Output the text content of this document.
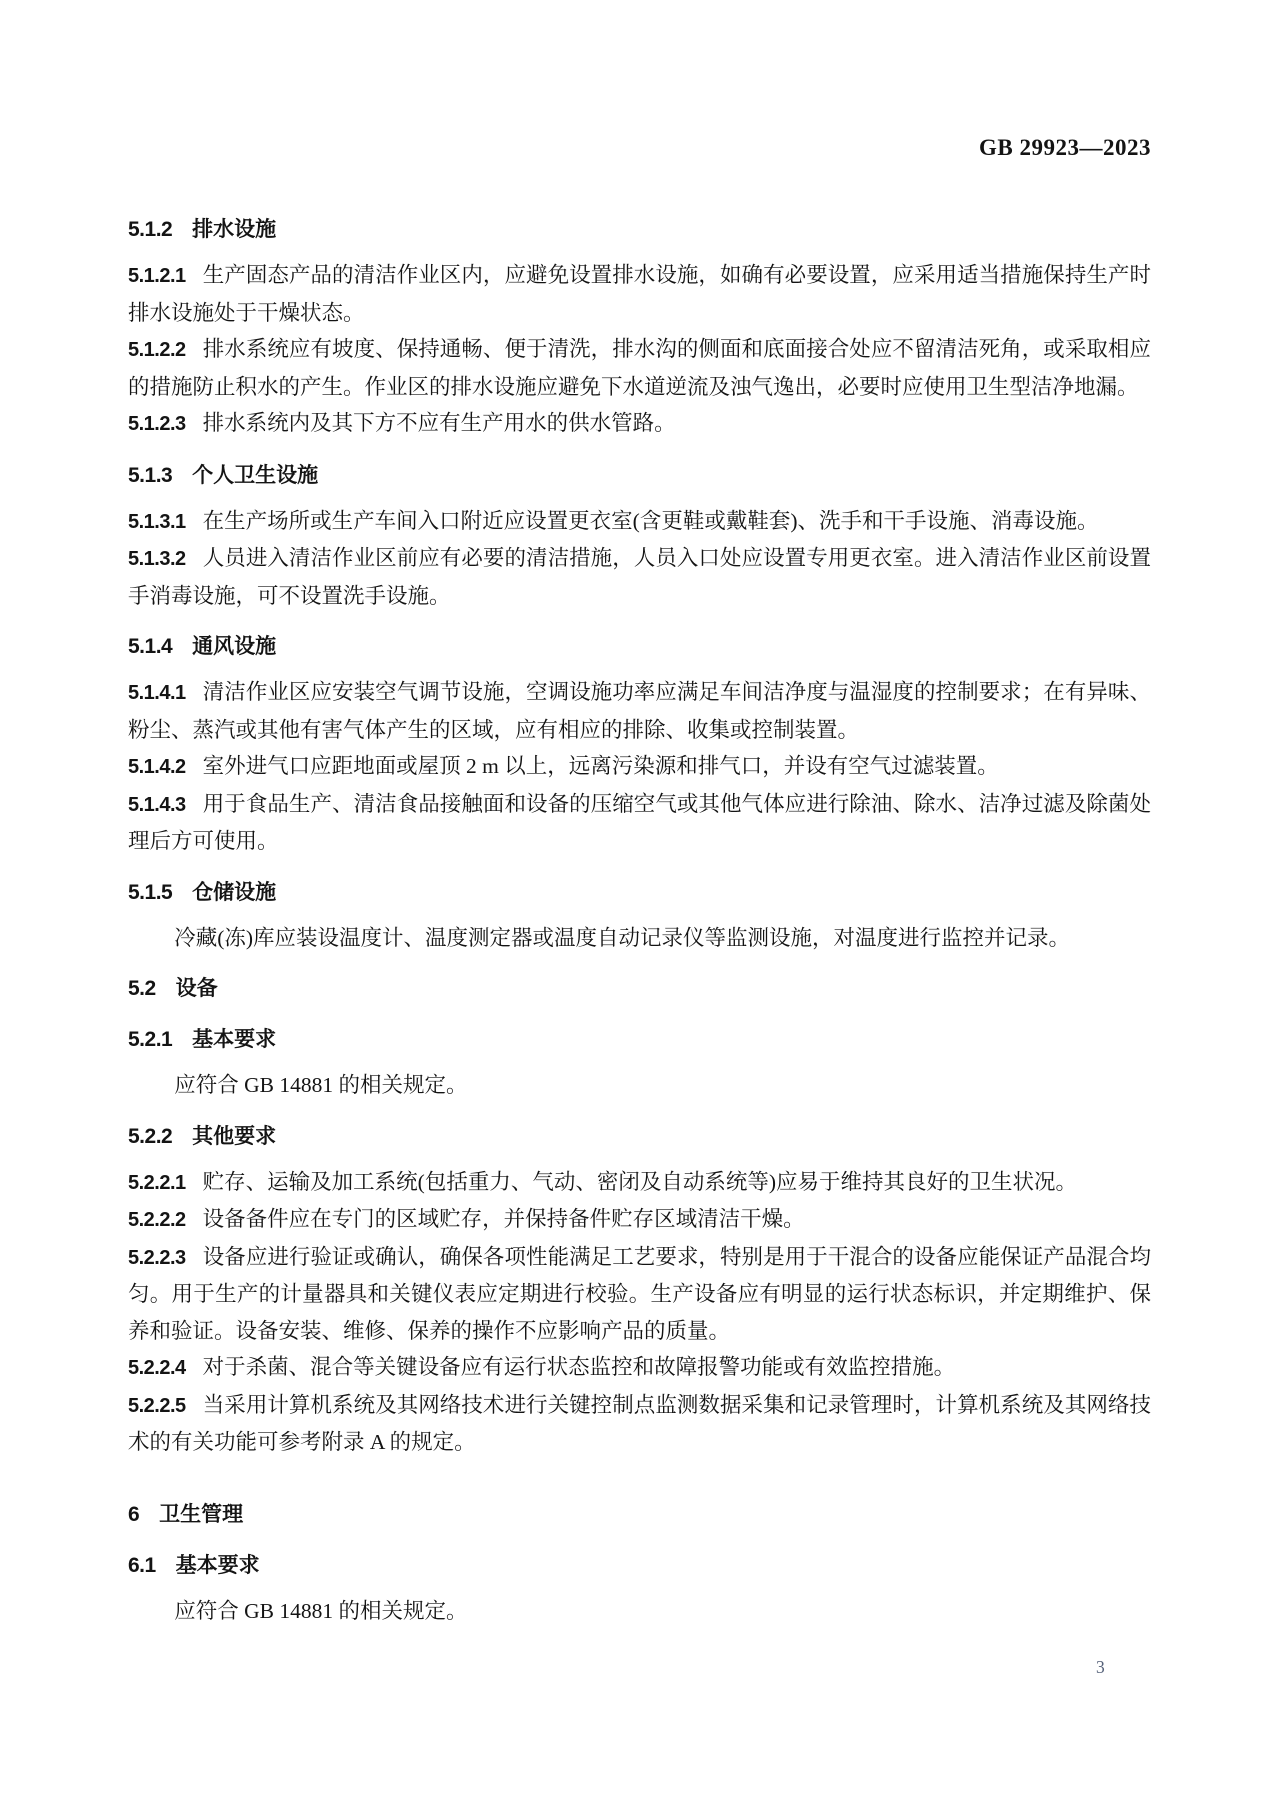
GB 29923—2023
5.1.2 排水设施

5.1.2.1 生产固态产品的清洁作业区内，应避免设置排水设施，如确有必要设置，应采用适当措施保持生产时排水设施处于干燥状态。

5.1.2.2 排水系统应有坡度、保持通畅、便于清洗，排水沟的侧面和底面接合处应不留清洁死角，或采取相应的措施防止积水的产生。作业区的排水设施应避免下水道逆流及浊气逸出，必要时应使用卫生型洁净地漏。

5.1.2.3 排水系统内及其下方不应有生产用水的供水管路。

5.1.3 个人卫生设施

5.1.3.1 在生产场所或生产车间入口附近应设置更衣室(含更鞋或戴鞋套)、洗手和干手设施、消毒设施。

5.1.3.2 人员进入清洁作业区前应有必要的清洁措施，人员入口处应设置专用更衣室。进入清洁作业区前设置手消毒设施，可不设置洗手设施。

5.1.4 通风设施

5.1.4.1 清洁作业区应安装空气调节设施，空调设施功率应满足车间洁净度与温湿度的控制要求；在有异味、粉尘、蒸汽或其他有害气体产生的区域，应有相应的排除、收集或控制装置。

5.1.4.2 室外进气口应距地面或屋顶 2 m 以上，远离污染源和排气口，并设有空气过滤装置。

5.1.4.3 用于食品生产、清洁食品接触面和设备的压缩空气或其他气体应进行除油、除水、洁净过滤及除菌处理后方可使用。

5.1.5 仓储设施

冷藏(冻)库应装设温度计、温度测定器或温度自动记录仪等监测设施，对温度进行监控并记录。

5.2 设备
5.2.1 基本要求

应符合 GB 14881 的相关规定。

5.2.2 其他要求

5.2.2.1 贮存、运输及加工系统(包括重力、气动、密闭及自动系统等)应易于维持其良好的卫生状况。

5.2.2.2 设备备件应在专门的区域贮存，并保持备件贮存区域清洁干燥。

5.2.2.3 设备应进行验证或确认，确保各项性能满足工艺要求，特别是用于干混合的设备应能保证产品混合均匀。用于生产的计量器具和关键仪表应定期进行校验。生产设备应有明显的运行状态标识，并定期维护、保养和验证。设备安装、维修、保养的操作不应影响产品的质量。

5.2.2.4 对于杀菌、混合等关键设备应有运行状态监控和故障报警功能或有效监控措施。

5.2.2.5 当采用计算机系统及其网络技术进行关键控制点监测数据采集和记录管理时，计算机系统及其网络技术的有关功能可参考附录 A 的规定。

6 卫生管理
6.1 基本要求

应符合 GB 14881 的相关规定。

3
